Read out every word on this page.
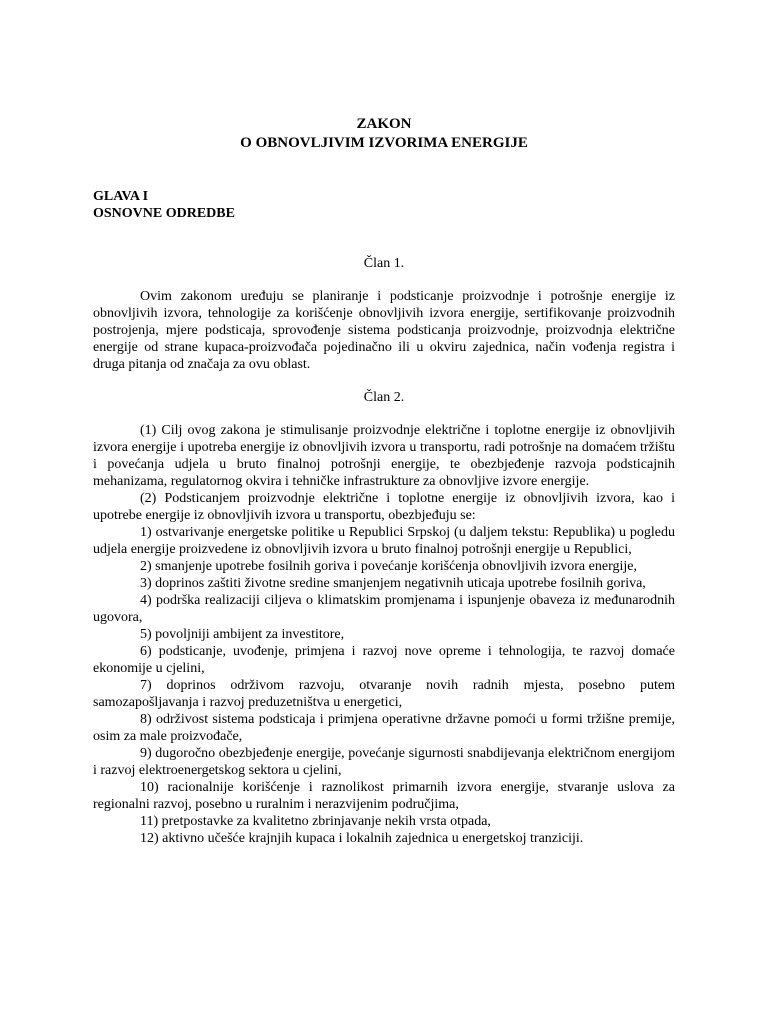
ZAKON
O OBNOVLJIVIM IZVORIMA ENERGIJE
GLAVA I
OSNOVNE ODREDBE
Član 1.

Ovim zakonom uređuju se planiranje i podsticanje proizvodnje i potrošnje energije iz obnovljivih izvora, tehnologije za korišćenje obnovljivih izvora energije, sertifikovanje proizvodnih postrojenja, mjere podsticaja, sprovođenje sistema podsticanja proizvodnje, proizvodnja električne energije od strane kupaca-proizvođača pojedinačno ili u okviru zajednica, način vođenja registra i druga pitanja od značaja za ovu oblast.

Član 2.

(1) Cilj ovog zakona je stimulisanje proizvodnje električne i toplotne energije iz obnovljivih izvora energije i upotreba energije iz obnovljivih izvora u transportu, radi potrošnje na domaćem tržištu i povećanja udjela u bruto finalnoj potrošnji energije, te obezbjeđenje razvoja podsticajnih mehanizama, regulatornog okvira i tehničke infrastrukture za obnovljive izvore energije.

(2) Podsticanjem proizvodnje električne i toplotne energije iz obnovljivih izvora, kao i upotrebe energije iz obnovljivih izvora u transportu, obezbjeđuju se:

1) ostvarivanje energetske politike u Republici Srpskoj (u daljem tekstu: Republika) u pogledu udjela energije proizvedene iz obnovljivih izvora u bruto finalnoj potrošnji energije u Republici,

2) smanjenje upotrebe fosilnih goriva i povećanje korišćenja obnovljivih izvora energije,

3) doprinos zaštiti životne sredine smanjenjem negativnih uticaja upotrebe fosilnih goriva,

4) podrška realizaciji ciljeva o klimatskim promjenama i ispunjenje obaveza iz međunarodnih ugovora,

5) povoljniji ambijent za investitore,

6) podsticanje, uvođenje, primjena i razvoj nove opreme i tehnologija, te razvoj domaće ekonomije u cjelini,

7) doprinos održivom razvoju, otvaranje novih radnih mjesta, posebno putem samozapošljavanja i razvoj preduzetništva u energetici,

8) održivost sistema podsticaja i primjena operativne državne pomoći u formi tržišne premije, osim za male proizvođače,

9) dugoročno obezbjeđenje energije, povećanje sigurnosti snabdijevanja električnom energijom i razvoj elektroenergetskog sektora u cjelini,

10) racionalnije korišćenje i raznolikost primarnih izvora energije, stvaranje uslova za regionalni razvoj, posebno u ruralnim i nerazvijenim područjima,

11) pretpostavke za kvalitetno zbrinjavanje nekih vrsta otpada,

12) aktivno učešće krajnjih kupaca i lokalnih zajednica u energetskoj tranziciji.
